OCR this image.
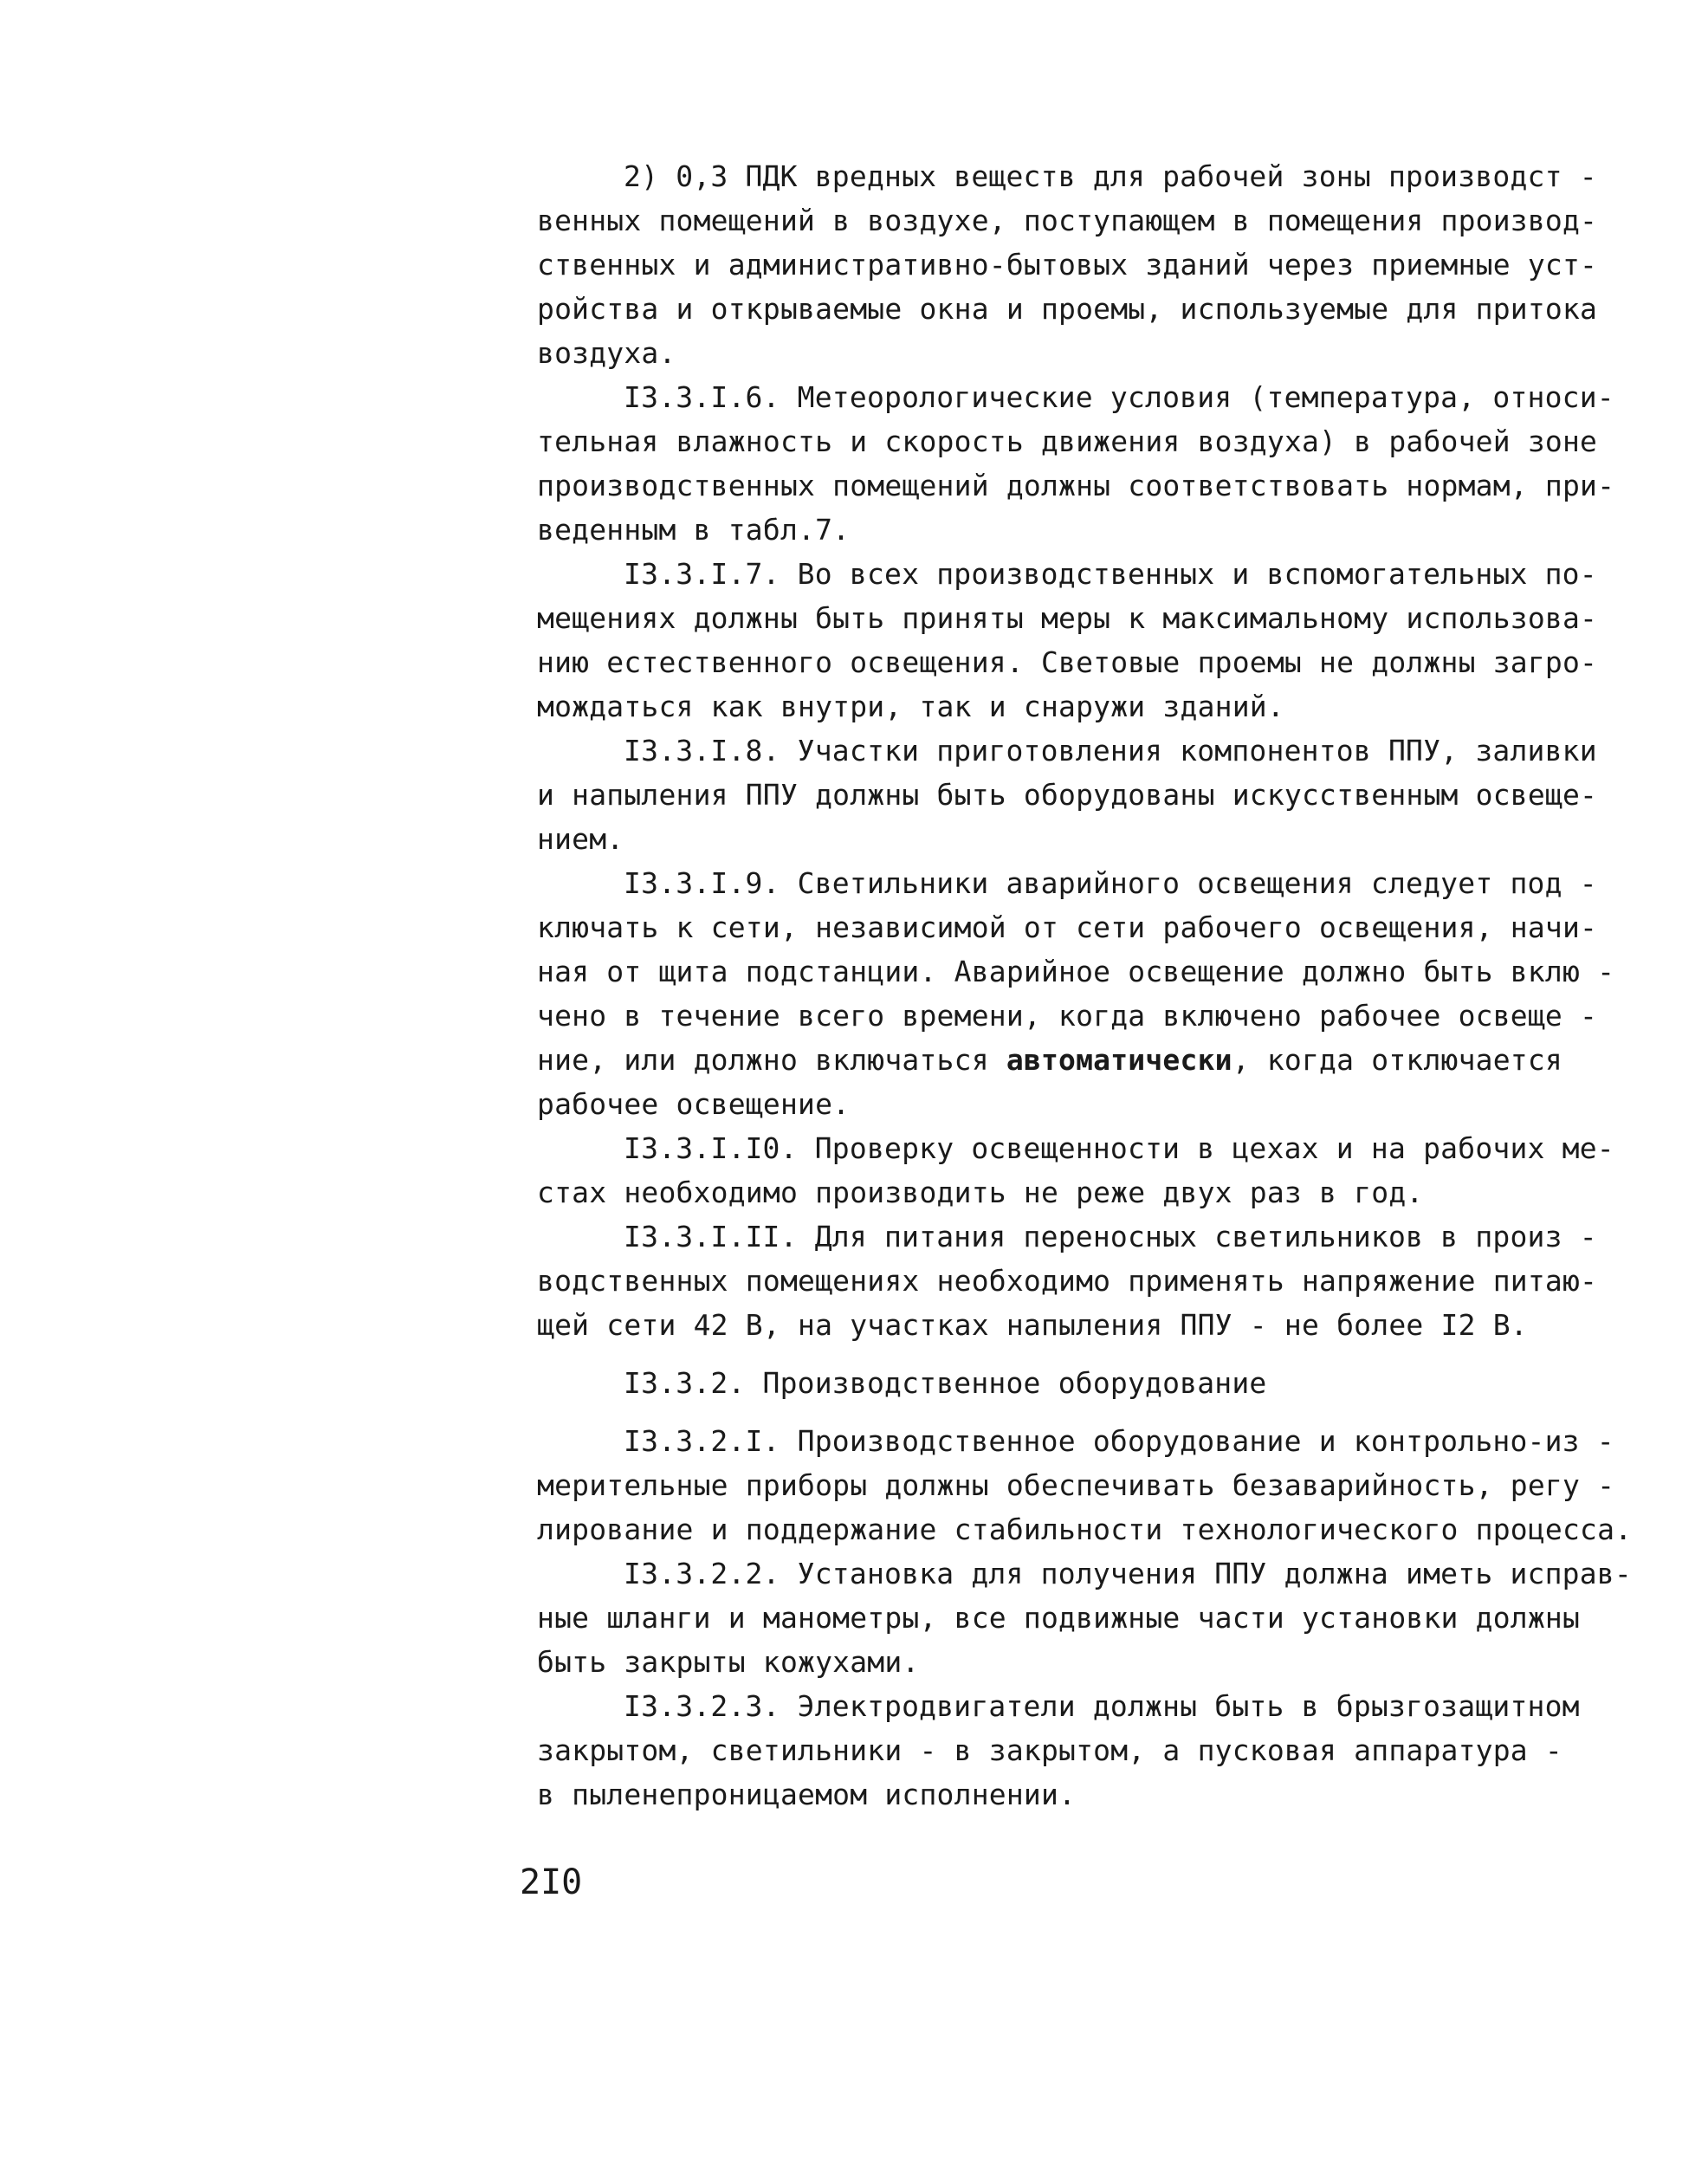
2) 0,3 ПДК вредных веществ для рабочей зоны производст -
венных помещений в воздухе, поступающем в помещения производ-
ственных и административно-бытовых зданий через приемные уст-
ройства и открываемые окна и проемы, используемые для притока
воздуха.
I3.3.I.6. Метеорологические условия (температура, относи-
тельная влажность и скорость движения воздуха) в рабочей зоне
производственных помещений должны соответствовать нормам, при-
веденным в табл.7.
I3.3.I.7. Во всех производственных и вспомогательных по-
мещениях должны быть приняты меры к максимальному использова-
нию естественного освещения. Световые проемы не должны загро-
мождаться как внутри, так и снаружи зданий.
I3.3.I.8. Участки приготовления компонентов ППУ, заливки
и напыления ППУ должны быть оборудованы искусственным освеще-
нием.
I3.3.I.9. Светильники аварийного освещения следует под -
ключать к сети, независимой от сети рабочего освещения, начи-
ная от щита подстанции. Аварийное освещение должно быть вклю -
чено в течение всего времени, когда включено рабочее освеще -
ние, или должно включаться автоматически, когда отключается
рабочее освещение.
I3.3.I.I0. Проверку освещенности в цехах и на рабочих ме-
стах необходимо производить не реже двух раз в год.
I3.3.I.II. Для питания переносных светильников в произ -
водственных помещениях необходимо применять напряжение питаю-
щей сети 42 В, на участках напыления ППУ - не более I2 В.
I3.3.2. Производственное оборудование
I3.3.2.I. Производственное оборудование и контрольно-из -
мерительные приборы должны обеспечивать безаварийность, регу -
лирование и поддержание стабильности технологического процесса.
I3.3.2.2. Установка для получения ППУ должна иметь исправ-
ные шланги и манометры, все подвижные части установки должны
быть закрыты кожухами.
I3.3.2.3. Электродвигатели должны быть в брызгозащитном
закрытом, светильники - в закрытом, а пусковая аппаратура -
в пыленепроницаемом исполнении.
2I0
